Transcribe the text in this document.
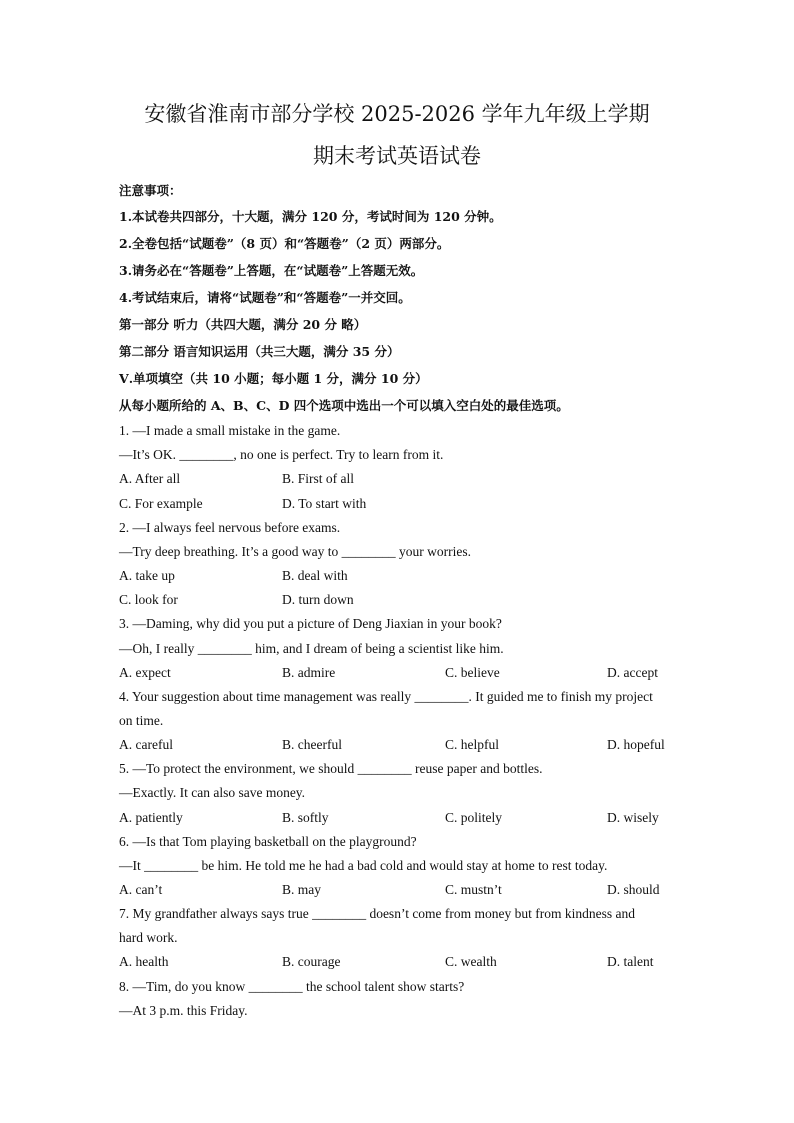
安徽省淮南市部分学校 2025-2026 学年九年级上学期
期末考试英语试卷
注意事项：
1.本试卷共四部分，十大题，满分 120 分，考试时间为 120 分钟。
2.全卷包括“试题卷”（8 页）和“答题卷”（2 页）两部分。
3.请务必在“答题卷”上答题，在“试题卷”上答题无效。
4.考试结束后，请将“试题卷”和“答题卷”一并交回。
第一部分 听力（共四大题，满分 20 分 略）
第二部分 语言知识运用（共三大题，满分 35 分）
Ⅴ.单项填空（共 10 小题；每小题 1 分，满分 10 分）
从每小题所给的 A、B、C、D 四个选项中选出一个可以填入空白处的最佳选项。
1. —I made a small mistake in the game.
—It’s OK. ________, no one is perfect. Try to learn from it.
A. After all	B. First of all
C. For example	D. To start with
2. —I always feel nervous before exams.
—Try deep breathing. It’s a good way to ________ your worries.
A. take up	B. deal with
C. look for	D. turn down
3. —Daming, why did you put a picture of Deng Jiaxian in your book?
—Oh, I really ________ him, and I dream of being a scientist like him.
A. expect	B. admire	C. believe	D. accept
4. Your suggestion about time management was really ________. It guided me to finish my project
on time.
A. careful	B. cheerful	C. helpful	D. hopeful
5. —To protect the environment, we should ________ reuse paper and bottles.
—Exactly. It can also save money.
A. patiently	B. softly	C. politely	D. wisely
6. —Is that Tom playing basketball on the playground?
—It ________ be him. He told me he had a bad cold and would stay at home to rest today.
A. can’t	B. may	C. mustn’t	D. should
7. My grandfather always says true ________ doesn’t come from money but from kindness and
hard work.
A. health	B. courage	C. wealth	D. talent
8. —Tim, do you know ________ the school talent show starts?
—At 3 p.m. this Friday.
